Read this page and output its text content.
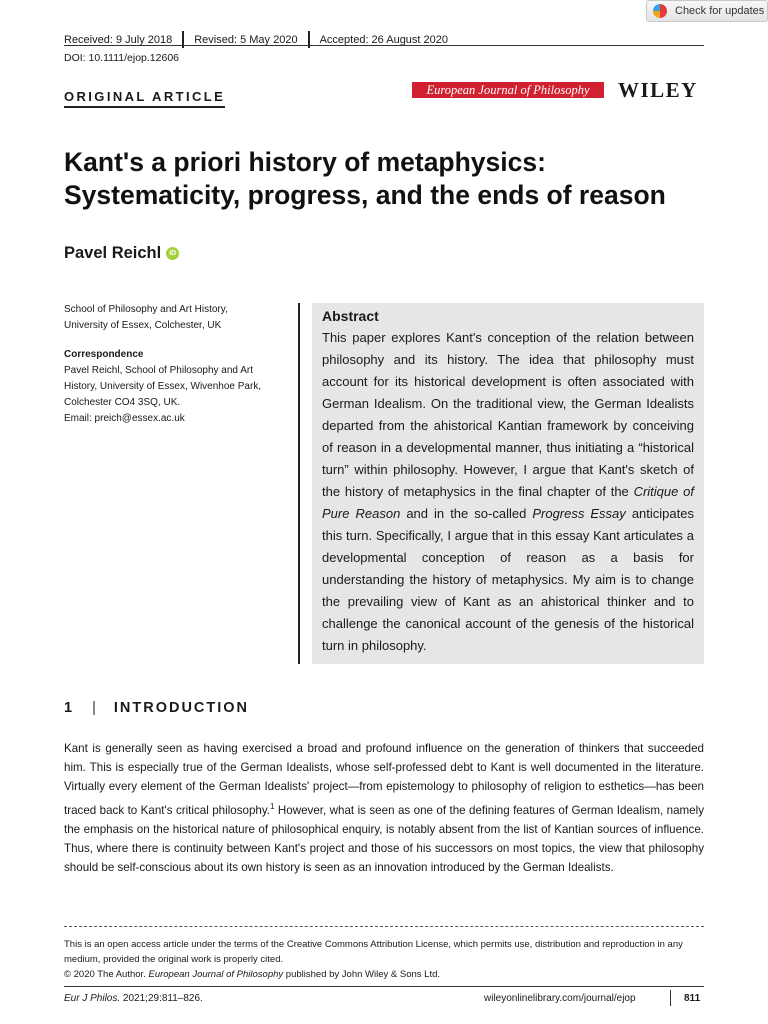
Check for updates
Received: 9 July 2018 Revised: 5 May 2020 Accepted: 26 August 2020
DOI: 10.1111/ejop.12606
ORIGINAL ARTICLE	European Journal of Philosophy	WILEY
Kant's a priori history of metaphysics:
Systematicity, progress, and the ends of reason
Pavel Reichl	iD
School of Philosophy and Art History,
University of Essex, Colchester, UK
Correspondence
Pavel Reichl, School of Philosophy and Art
History, University of Essex, Wivenhoe Park,
Colchester CO4 3SQ, UK.
Email: preich@essex.ac.uk
Abstract
This paper explores Kant's conception of the relation between philosophy and its history. The idea that philosophy must account for its historical development is often associated with German Idealism. On the traditional view, the German Idealists departed from the ahistorical Kantian framework by conceiving of reason in a developmental manner, thus initiating a “historical turn” within philosophy. However, I argue that Kant's sketch of the history of metaphysics in the final chapter of the Critique of Pure Reason and in the so-called Progress Essay anticipates this turn. Specifically, I argue that in this essay Kant articulates a developmental conception of reason as a basis for understanding the history of metaphysics. My aim is to change the prevailing view of Kant as an ahistorical thinker and to challenge the canonical account of the genesis of the historical turn in philosophy.
1 | INTRODUCTION
Kant is generally seen as having exercised a broad and profound influence on the generation of thinkers that succeeded him. This is especially true of the German Idealists, whose self-professed debt to Kant is well documented in the literature. Virtually every element of the German Idealists' project—from epistemology to philosophy of religion to esthetics—has been traced back to Kant's critical philosophy.$^1$ However, what is seen as one of the defining features of German Idealism, namely the emphasis on the historical nature of philosophical enquiry, is notably absent from the list of Kantian sources of influence. Thus, where there is continuity between Kant's project and those of his successors on most topics, the view that philosophy should be self-conscious about its own history is seen as an innovation introduced by the German Idealists.
This is an open access article under the terms of the Creative Commons Attribution License, which permits use, distribution and reproduction in any medium, provided the original work is properly cited.
© 2020 The Author. European Journal of Philosophy published by John Wiley & Sons Ltd.
Eur J Philos. 2021;29:811–826.	wileyonlinelibrary.com/journal/ejop	811
